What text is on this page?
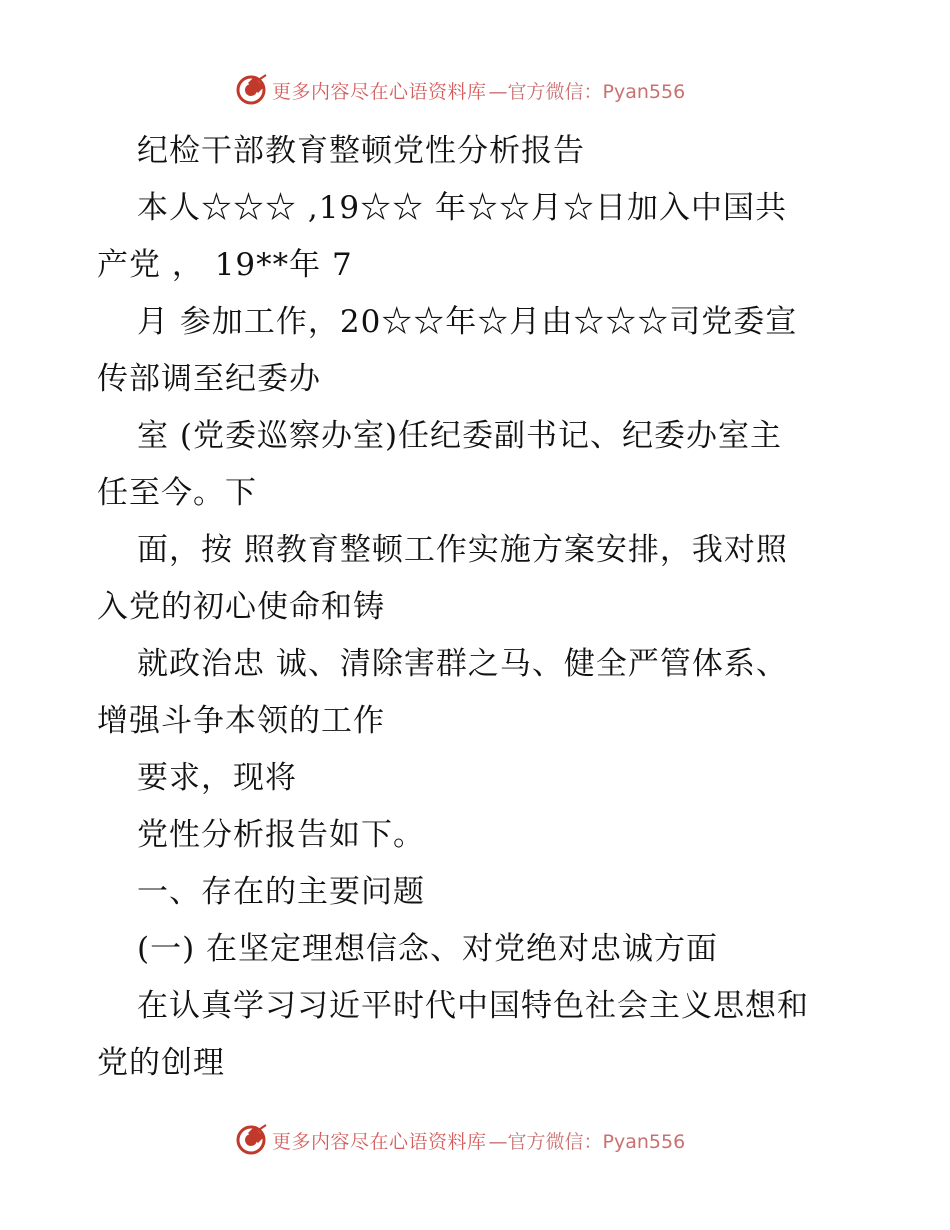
更多内容尽在心语资料库 —官方微信：Pyan556
纪检干部教育整顿党性分析报告
本人☆☆☆ ,19☆☆ 年☆☆月☆日加入中国共
产党 ， 19**年 7
月 参加工作，20☆☆年☆月由☆☆☆司党委宣
传部调至纪委办
室 (党委巡察办室)任纪委副书记、纪委办室主
任至今。下
面，按 照教育整顿工作实施方案安排，我对照
入党的初心使命和铸
就政治忠 诚、清除害群之马、健全严管体系、
增强斗争本领的工作
要求，现将
党性分析报告如下。
一、存在的主要问题
(一) 在坚定理想信念、对党绝对忠诚方面
在认真学习习近平时代中国特色社会主义思想和
党的创理
更多内容尽在心语资料库 —官方微信：Pyan556
